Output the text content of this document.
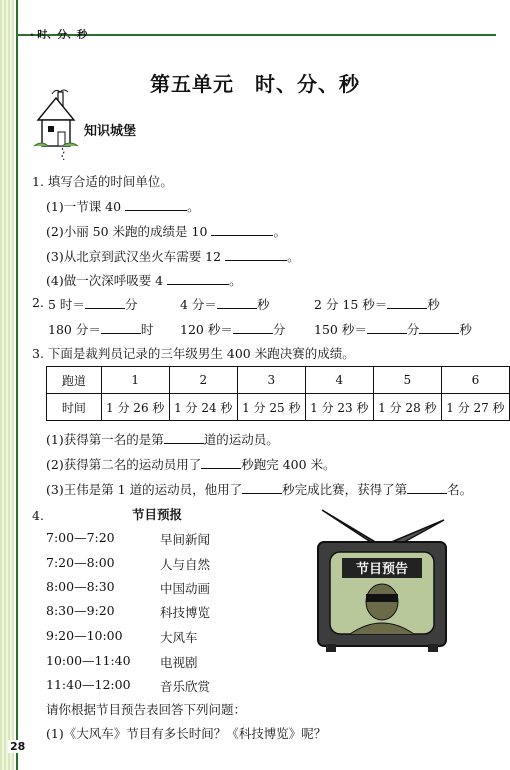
· 时、分、秒
第五单元　时、分、秒
知识城堡
1. 填写合适的时间单位。
(1)一节课 40	。
(2)小丽 50 米跑的成绩是 10	。
(3)从北京到武汉坐火车需要 12	。
(4)做一次深呼吸要 4	。
2. 5 时＝	分	4 分＝	秒	2 分 15 秒＝	秒
180 分＝	时 120 秒＝	分 150 秒＝	分	秒
3. 下面是裁判员记录的三年级男生 400 米跑决赛的成绩。
跑道	1	2	3	4	5	6
时间	1 分 26 秒	1 分 24 秒	1 分 25 秒	1 分 23 秒	1 分 28 秒	1 分 27 秒
(1)获得第一名的是第	道的运动员。
(2)获得第二名的运动员用了	秒跑完 400 米。
(3)王伟是第 1 道的运动员，他用了	秒完成比赛，获得了第	名。
4.	节目预报
7:00—7:20	早间新闻
7:20—8:00	人与自然
8:00—8:30	中国动画
8:30—9:20	科技博览
9:20—10:00	大风车
10:00—11:40 电视剧
11:40—12:00 音乐欣赏
节目预告
请你根据节目预告表回答下列问题：
(1)《大风车》节目有多长时间？《科技博览》呢？
28
